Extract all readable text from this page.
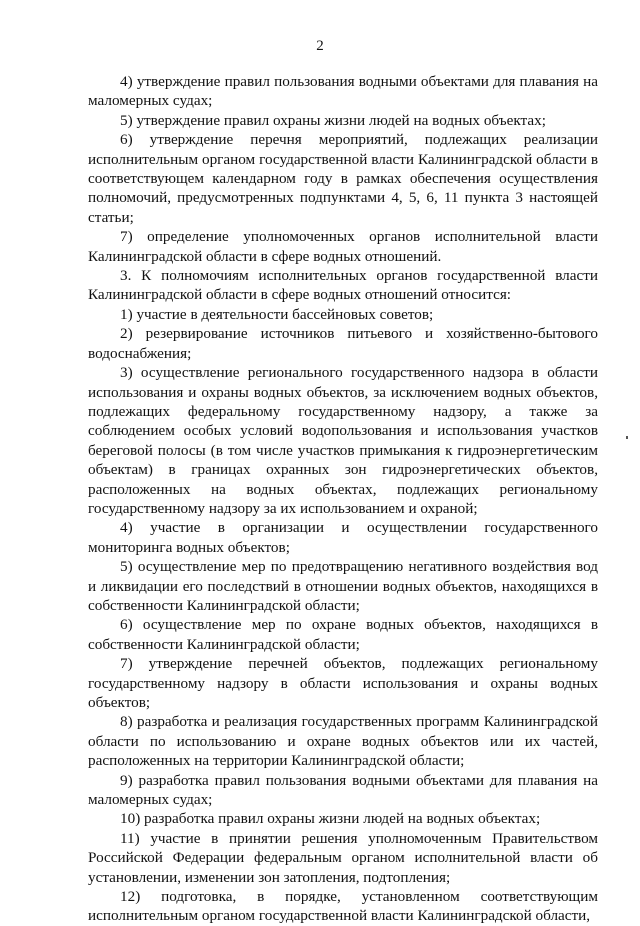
2

4) утверждение правил пользования водными объектами для плавания на маломерных судах;

5) утверждение правил охраны жизни людей на водных объектах;

6) утверждение перечня мероприятий, подлежащих реализации исполнительным органом государственной власти Калининградской области в соответствующем календарном году в рамках обеспечения осуществления полномочий, предусмотренных подпунктами 4, 5, 6, 11 пункта 3 настоящей статьи;

7) определение уполномоченных органов исполнительной власти Калининградской области в сфере водных отношений.

3. К полномочиям исполнительных органов государственной власти Калининградской области в сфере водных отношений относится:

1) участие в деятельности бассейновых советов;

2) резервирование источников питьевого и хозяйственно-бытового водоснабжения;

3) осуществление регионального государственного надзора в области использования и охраны водных объектов, за исключением водных объектов, подлежащих федеральному государственному надзору, а также за соблюдением особых условий водопользования и использования участков береговой полосы (в том числе участков примыкания к гидроэнергетическим объектам) в границах охранных зон гидроэнергетических объектов, расположенных на водных объектах, подлежащих региональному государственному надзору за их использованием и охраной;

4) участие в организации и осуществлении государственного мониторинга водных объектов;

5) осуществление мер по предотвращению негативного воздействия вод и ликвидации его последствий в отношении водных объектов, находящихся в собственности Калининградской области;

6) осуществление мер по охране водных объектов, находящихся в собственности Калининградской области;

7) утверждение перечней объектов, подлежащих региональному государственному надзору в области использования и охраны водных объектов;

8) разработка и реализация государственных программ Калининградской области по использованию и охране водных объектов или их частей, расположенных на территории Калининградской области;

9) разработка правил пользования водными объектами для плавания на маломерных судах;

10) разработка правил охраны жизни людей на водных объектах;

11) участие в принятии решения уполномоченным Правительством Российской Федерации федеральным органом исполнительной власти об установлении, изменении зон затопления, подтопления;

12) подготовка, в порядке, установленном соответствующим исполнительным органом государственной власти Калининградской области,
